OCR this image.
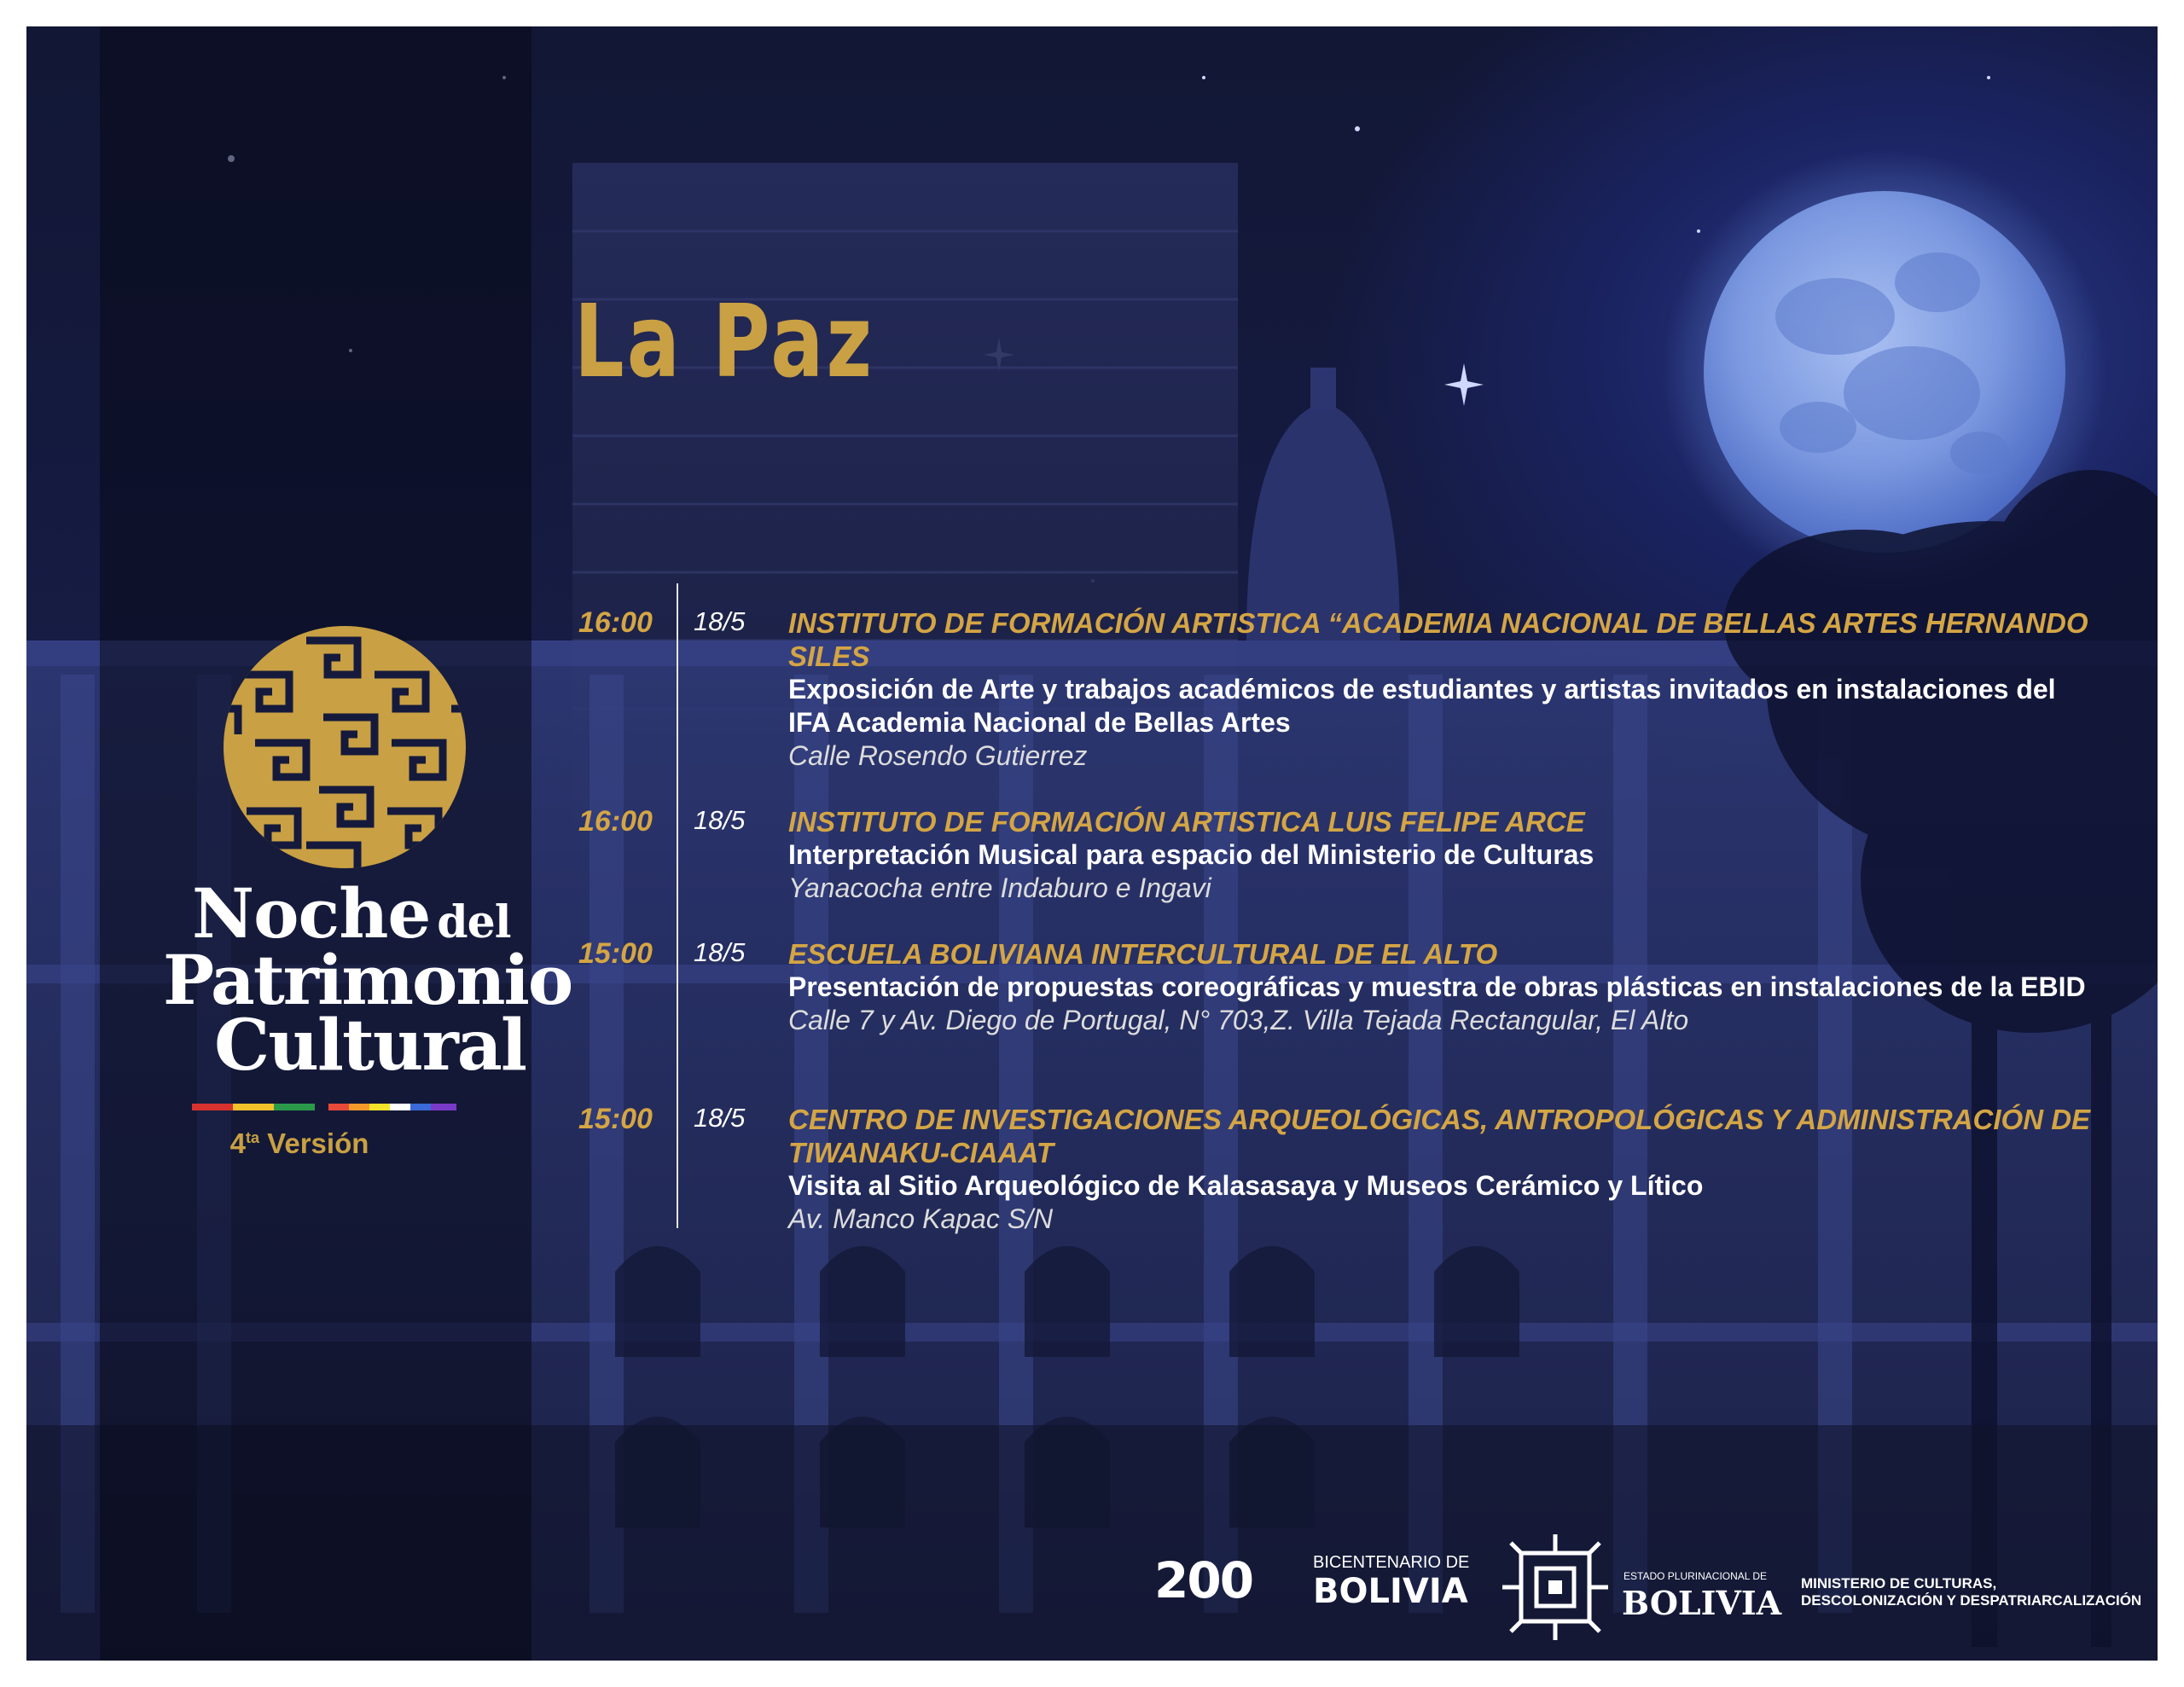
La Paz
16:00 18/5 INSTITUTO DE FORMACIÓN ARTISTICA “ACADEMIA NACIONAL DE BELLAS ARTES HERNANDO SILES
Exposición de Arte y trabajos académicos de estudiantes y artistas invitados en instalaciones del IFA Academia Nacional de Bellas Artes
Calle Rosendo Gutierrez
16:00 18/5 INSTITUTO DE FORMACIÓN ARTISTICA LUIS FELIPE ARCE
Interpretación Musical para espacio del Ministerio de Culturas
Yanacocha entre Indaburo e Ingavi
15:00 18/5 ESCUELA BOLIVIANA INTERCULTURAL DE EL ALTO
Presentación de propuestas coreográficas y muestra de obras plásticas en instalaciones de la EBID
Calle 7 y Av. Diego de Portugal, N° 703,Z. Villa Tejada Rectangular, El Alto
15:00 18/5 CENTRO DE INVESTIGACIONES ARQUEOLÓGICAS, ANTROPOLÓGICAS Y ADMINISTRACIÓN DE TIWANAKU-CIAAAT
Visita al Sitio Arqueológico de Kalasasaya y Museos Cerámico y Lítico
Av. Manco Kapac S/N
Noche del
Patrimonio
Cultural
$4^{ta}$ Versión
200	BICENTENARIO DE
BOLIVIA	ESTADO PLURINACIONAL DE
BOLIVIA
MINISTERIO DE CULTURAS,
DESCOLONIZACIÓN Y DESPATRIARCALIZACIÓN
